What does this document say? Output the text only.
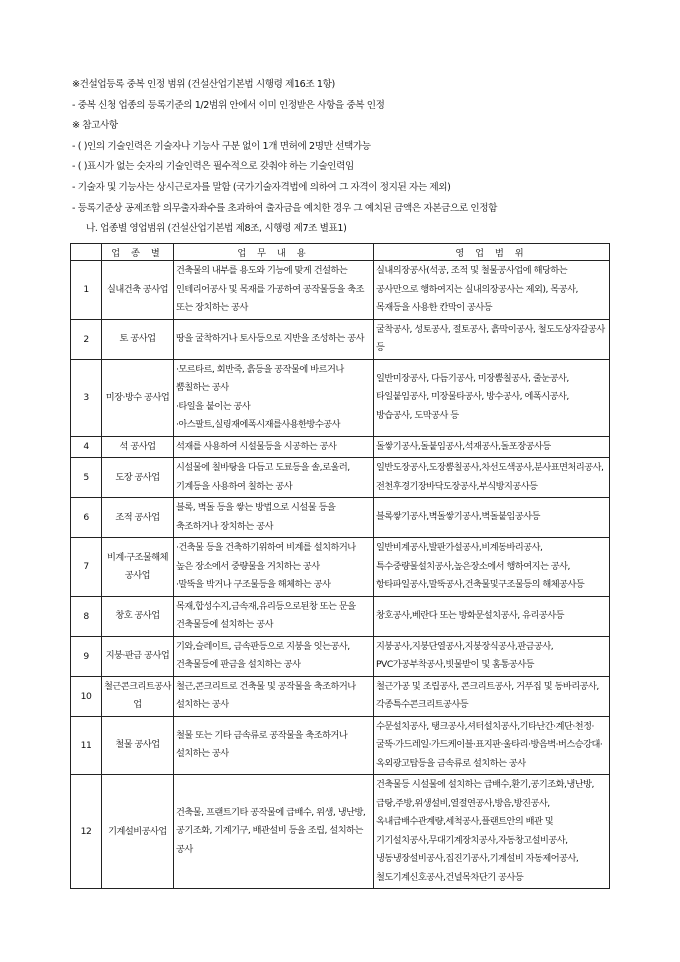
※건설업등록 중복 인정 범위 (건설산업기본법 시행령 제16조 1항)
- 중복 신청 업종의 등록기준의 1/2범위 안에서 이미 인정받은 사항을 중복 인정
※ 참고사항
- ( )인의 기술인력은 기술자나 기능사 구분 없이 1개 면허에 2명만 선택가능
- ( )표시가 없는 숫자의 기술인력은 필수적으로 갖춰야 하는 기술인력임
- 기술자 및 기능사는 상시근로자를 말함 (국가기술자격법에 의하여 그 자격이 정지된 자는 제외)
- 등록기준상 공제조합 의무출자좌수를 초과하여 출자금을 예치한 경우 그 예치된 금액은 자본금으로 인정함
나. 업종별 영업범위 (건설산업기본법 제8조, 시행령 제7조 별표1)
	업 종 별	업 무 내 용	영 업 범 위
1	실내건축 공사업	건축물의 내부를 용도와 기능에 맞게 건설하는 인테리어공사 및 목재를 가공하여 공작물등을 축조 또는 장치하는 공사	실내의장공사(석공, 조적 및 철물공사업에 해당하는 공사만으로 행하여지는 실내의장공사는 제외), 목공사, 목재등을 사용한 칸막이 공사등
2	토 공사업	땅을 굴착하거나 토사등으로 지반을 조성하는 공사	굴착공사, 성토공사, 절토공사, 흙막이공사, 철도도상자갈공사 등
3	미장·방수 공사업	·모르타르, 회반죽, 흙등을 공작물에 바르거나 뿜칠하는 공사
·타일을 붙이는 공사
·아스팔트,실링재에폭시재를사용한방수공사	일반미장공사, 다듬기공사, 미장뿜칠공사, 줄눈공사, 타일붙임공사, 미장물타공사, 방수공사, 에폭시공사, 방습공사, 도막공사 등
4	석 공사업	석재를 사용하여 시설물등을 시공하는 공사	돌쌓기공사,돌붙임공사,석재공사,돌포장공사등
5	도장 공사업	시설물에 칠바탕을 다듬고 도료등을 솔,로울러,기계등을 사용하여 칠하는 공사	일반도장공사,도장뿜칠공사,차선도색공사,분사표면처리공사,전천후경기장바닥도장공사,부식방지공사등
6	조적 공사업	블록, 벽돌 등을 쌓는 방법으로 시설물 등을 축조하거나 장치하는 공사	블록쌓기공사,벽돌쌓기공사,벽돌붙임공사등
7	비계·구조물해체 공사업	·건축물 등을 건축하기위하여 비계를 설치하거나 높은 장소에서 중량물을 거치하는 공사
·말뚝을 박거나 구조물등을 해체하는 공사	일반비계공사,발판가설공사,비계동바리공사,특수중량물설치공사,높은장소에서 행하여지는 공사,항타파일공사,말뚝공사,건축물및구조물등의 해체공사등
8	창호 공사업	목재,합성수지,금속재,유리등으로된창 또는 문을 건축물등에 설치하는 공사	창호공사,베란다 또는 방화문설치공사, 유리공사등
9	지붕·판금 공사업	기와,슬레이트, 금속판등으로 지붕을 잇는공사, 건축물등에 판금을 설치하는 공사	지붕공사,지붕단열공사,지붕장식공사,판금공사, PVC가공부착공사,빗물받이 및 홈통공사등
10	철근콘크리트공사업	철근,콘크리트로 건축물 및 공작물을 축조하거나 설치하는 공사	철근가공 및 조립공사, 콘크리트공사, 거푸집 및 동바리공사, 각종특수콘크리트공사등
11	철물 공사업	철물 또는 기타 금속류로 공작물을 축조하거나 설치하는 공사	수문설치공사, 탱크공사,셔터설치공사,기타난간·계단·천정·굴뚝·가드레일·가드케이블·표지판·울타리·방음벽·버스승강대·옥외광고탑등을 금속류로 설치하는 공사
12	기계설비공사업	건축물, 프랜트기타 공작물에 급배수, 위생, 냉난방, 공기조화, 기계기구, 배관설비 등을 조립, 설치하는 공사	건축물등 시설물에 설치하는 급배수,환기,공기조화,냉난방,급탕,주방,위생설비,열절연공사,방음,방진공사,옥내급배수관계량,세척공사,플랜트안의 배관 및 기기설치공사,무대기계장치공사,자동창고설비공사,냉동냉장설비공사,집진기공사,기계설비 자동제어공사,철도기계신호공사,건널목차단기 공사등
